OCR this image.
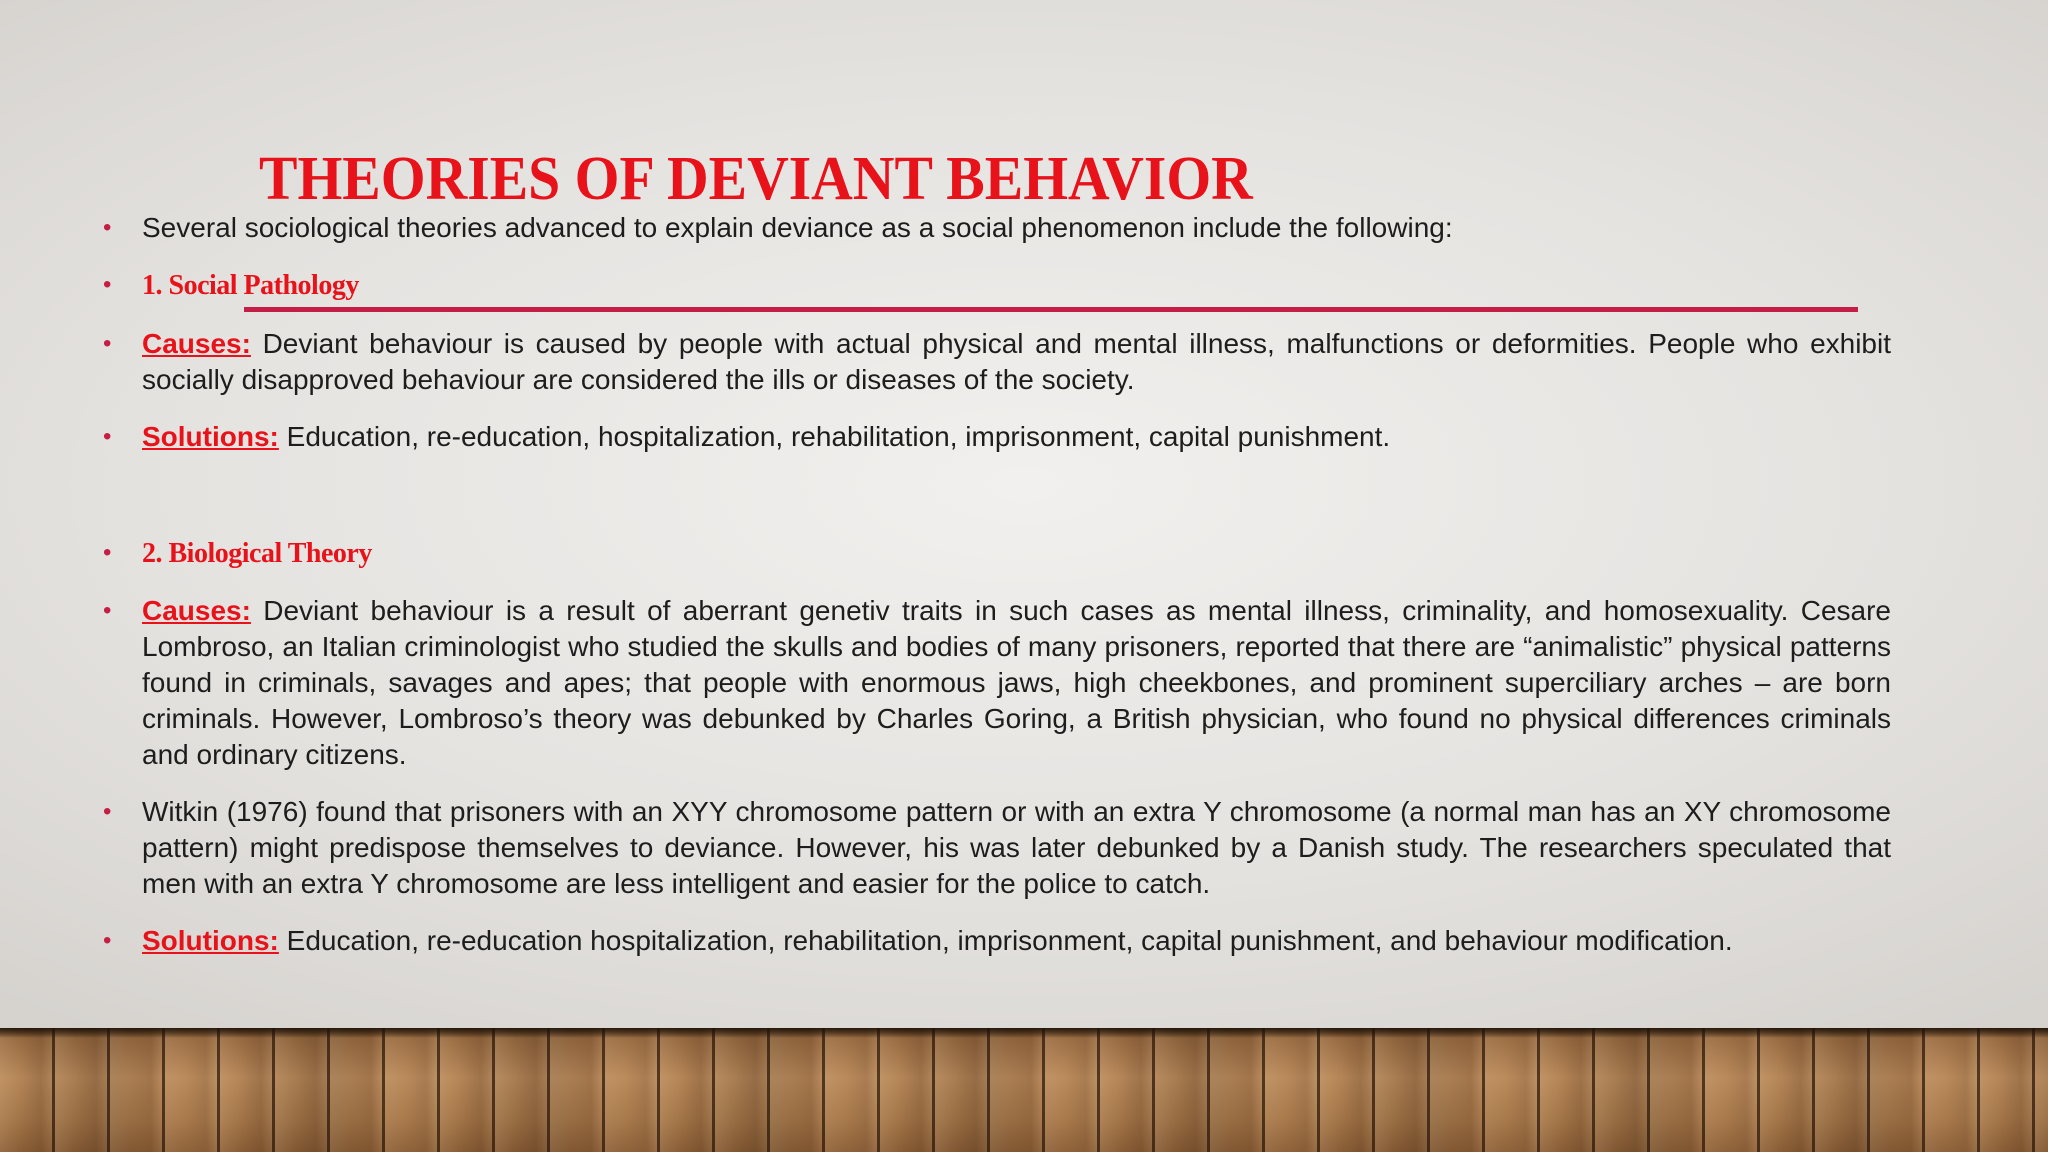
THEORIES OF DEVIANT BEHAVIOR
• Several sociological theories advanced to explain deviance as a social phenomenon include the following:
• 1. Social Pathology
• Causes: Deviant behaviour is caused by people with actual physical and mental illness, malfunctions or deformities. People who exhibit socially disapproved behaviour are considered the ills or diseases of the society.
• Solutions: Education, re-education, hospitalization, rehabilitation, imprisonment, capital punishment.
• 2. Biological Theory
• Causes: Deviant behaviour is a result of aberrant genetiv traits in such cases as mental illness, criminality, and homosexuality. Cesare Lombroso, an Italian criminologist who studied the skulls and bodies of many prisoners, reported that there are “animalistic” physical patterns found in criminals, savages and apes; that people with enormous jaws, high cheekbones, and prominent superciliary arches – are born criminals. However, Lombroso’s theory was debunked by Charles Goring, a British physician, who found no physical differences criminals and ordinary citizens.
• Witkin (1976) found that prisoners with an XYY chromosome pattern or with an extra Y chromosome (a normal man has an XY chromosome pattern) might predispose themselves to deviance. However, his was later debunked by a Danish study. The researchers speculated that men with an extra Y chromosome are less intelligent and easier for the police to catch.
• Solutions: Education, re-education hospitalization, rehabilitation, imprisonment, capital punishment, and behaviour modification.
